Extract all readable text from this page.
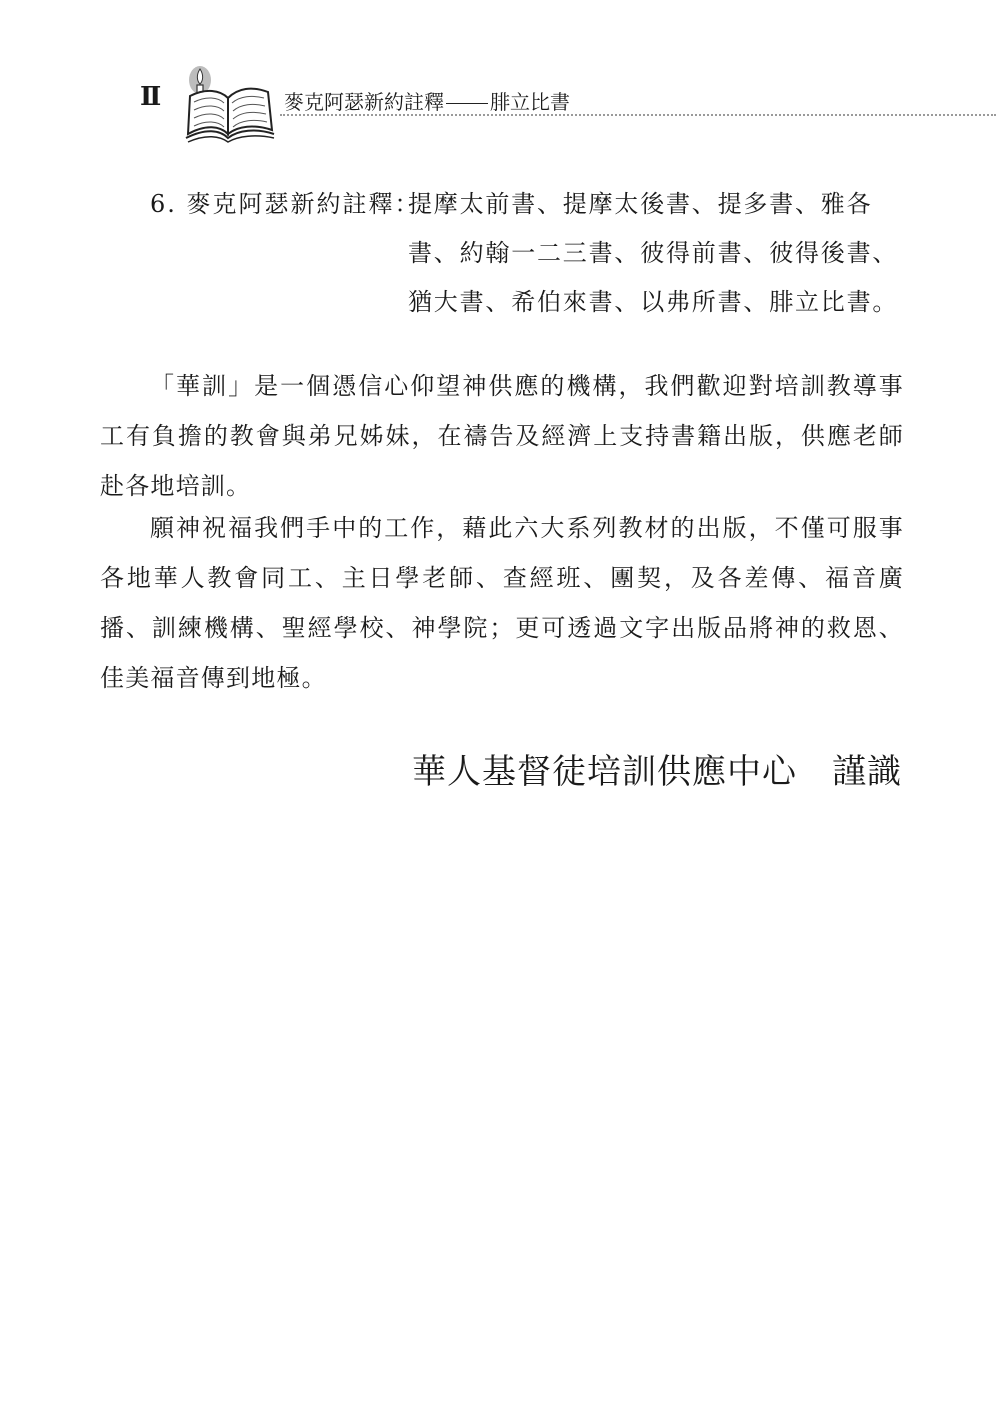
II	麥克阿瑟新約註釋 腓立比書
6. 麥克阿瑟新約註釋：
提摩太前書、提摩太後書、提多書、雅各
書、約翰一二三書、彼得前書、彼得後書、
猶大書、希伯來書、以弗所書、腓立比書。

「華訓」是一個憑信心仰望神供應的機構，我們歡迎對培訓教導事工有負擔的教會與弟兄姊妹，在禱告及經濟上支持書籍出版，供應老師赴各地培訓。

願神祝福我們手中的工作，藉此六大系列教材的出版，不僅可服事各地華人教會同工、主日學老師、查經班、團契，及各差傳、福音廣播、訓練機構、聖經學校、神學院；更可透過文字出版品將神的救恩、佳美福音傳到地極。

華人基督徒培訓供應中心　謹識
